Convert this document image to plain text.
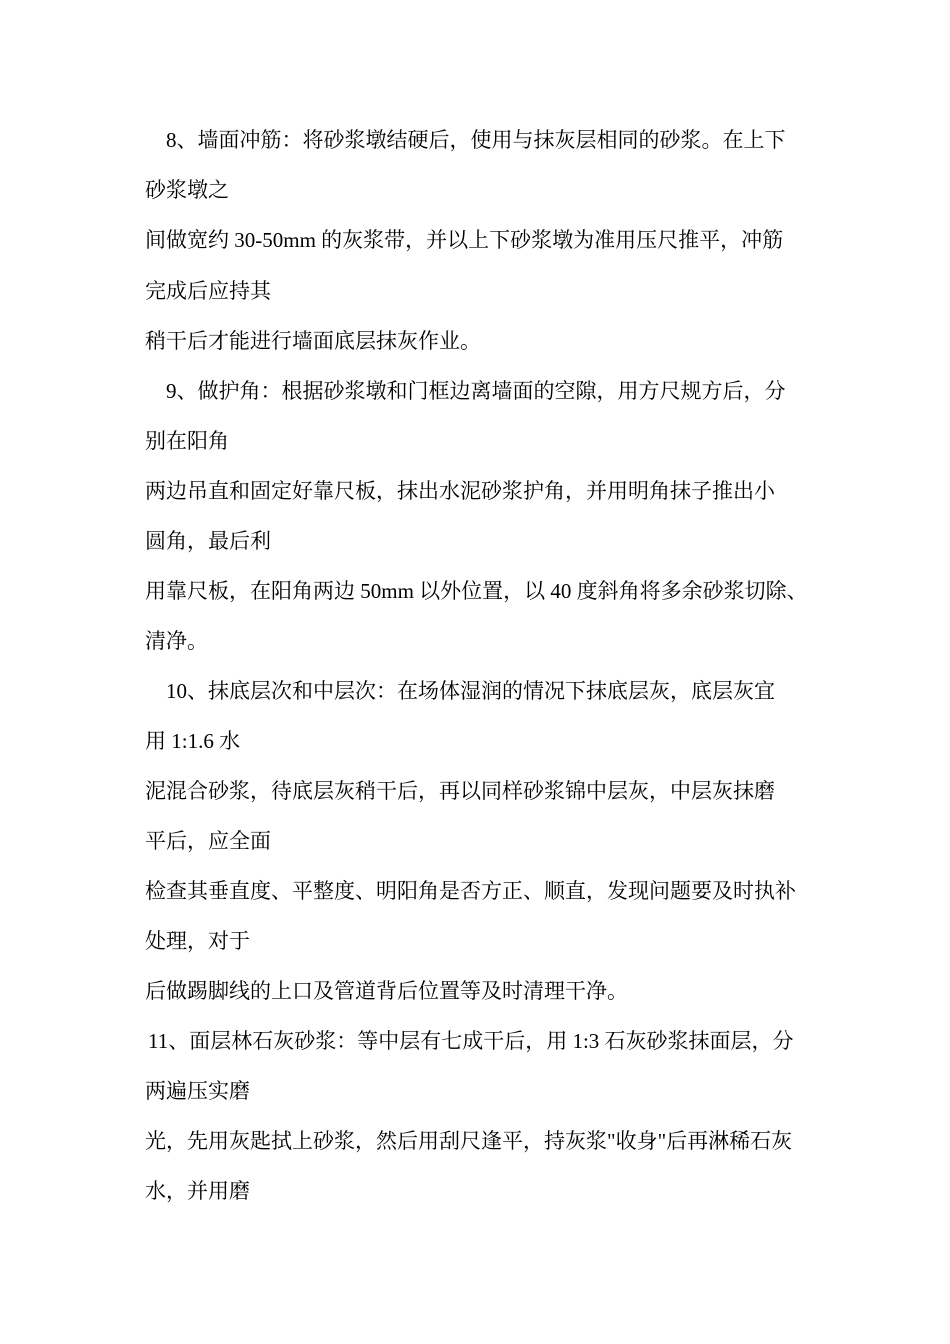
8、墙面冲筋：将砂浆墩结硬后，使用与抹灰层相同的砂浆。在上下
砂浆墩之
间做宽约 30-50mm 的灰浆带，并以上下砂浆墩为准用压尺推平，冲筋
完成后应持其
稍干后才能进行墙面底层抹灰作业。
9、做护角：根据砂浆墩和门框边离墙面的空隙，用方尺规方后，分
别在阳角
两边吊直和固定好靠尺板，抹出水泥砂浆护角，并用明角抹子推出小
圆角，最后利
用靠尺板，在阳角两边 50mm 以外位置，以 40 度斜角将多余砂浆切除、
清净。
10、抹底层次和中层次：在场体湿润的情况下抹底层灰，底层灰宜
用 1:1.6 水
泥混合砂浆，待底层灰稍干后，再以同样砂浆锦中层灰，中层灰抹磨
平后，应全面
检查其垂直度、平整度、明阳角是否方正、顺直，发现问题要及时执补
处理，对于
后做踢脚线的上口及管道背后位置等及时清理干净。
11、面层林石灰砂浆：等中层有七成干后，用 1:3 石灰砂浆抹面层，分
两遍压实磨
光，先用灰匙拭上砂浆，然后用刮尺逢平，持灰浆"收身"后再淋稀石灰
水，并用磨
